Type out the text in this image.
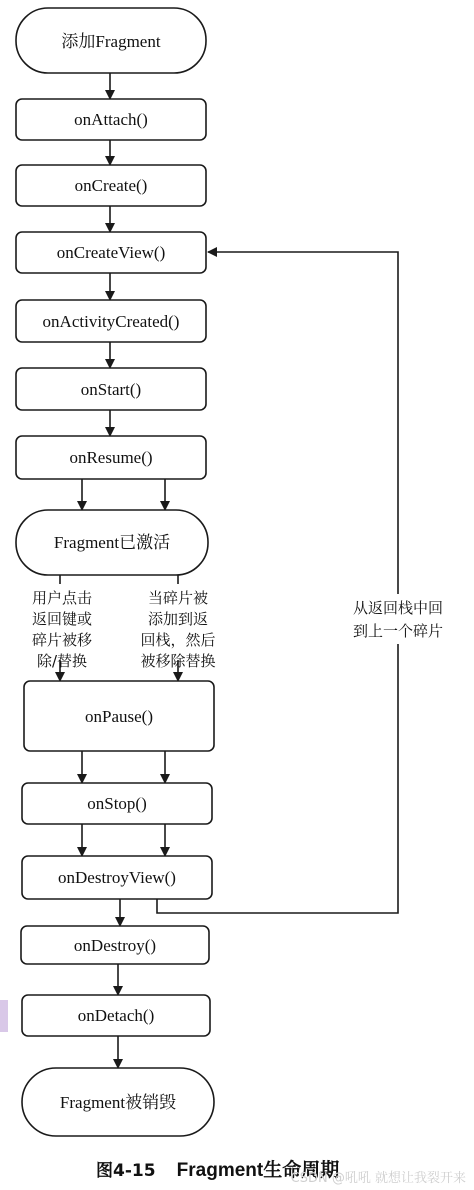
添加Fragment
onAttach()
onCreate()
onCreateView()
onActivityCreated()
onStart()
onResume()
Fragment已激活
用户点击
返回键或
碎片被移
除/替换
当碎片被
添加到返
回栈，然后
被移除替换
从返回栈中回
到上一个碎片
onPause()
onStop()
onDestroyView()
onDestroy()
onDetach()
Fragment被销毁
图4-15 Fragment生命周期
CSDN @吼吼 就想让我裂开来
